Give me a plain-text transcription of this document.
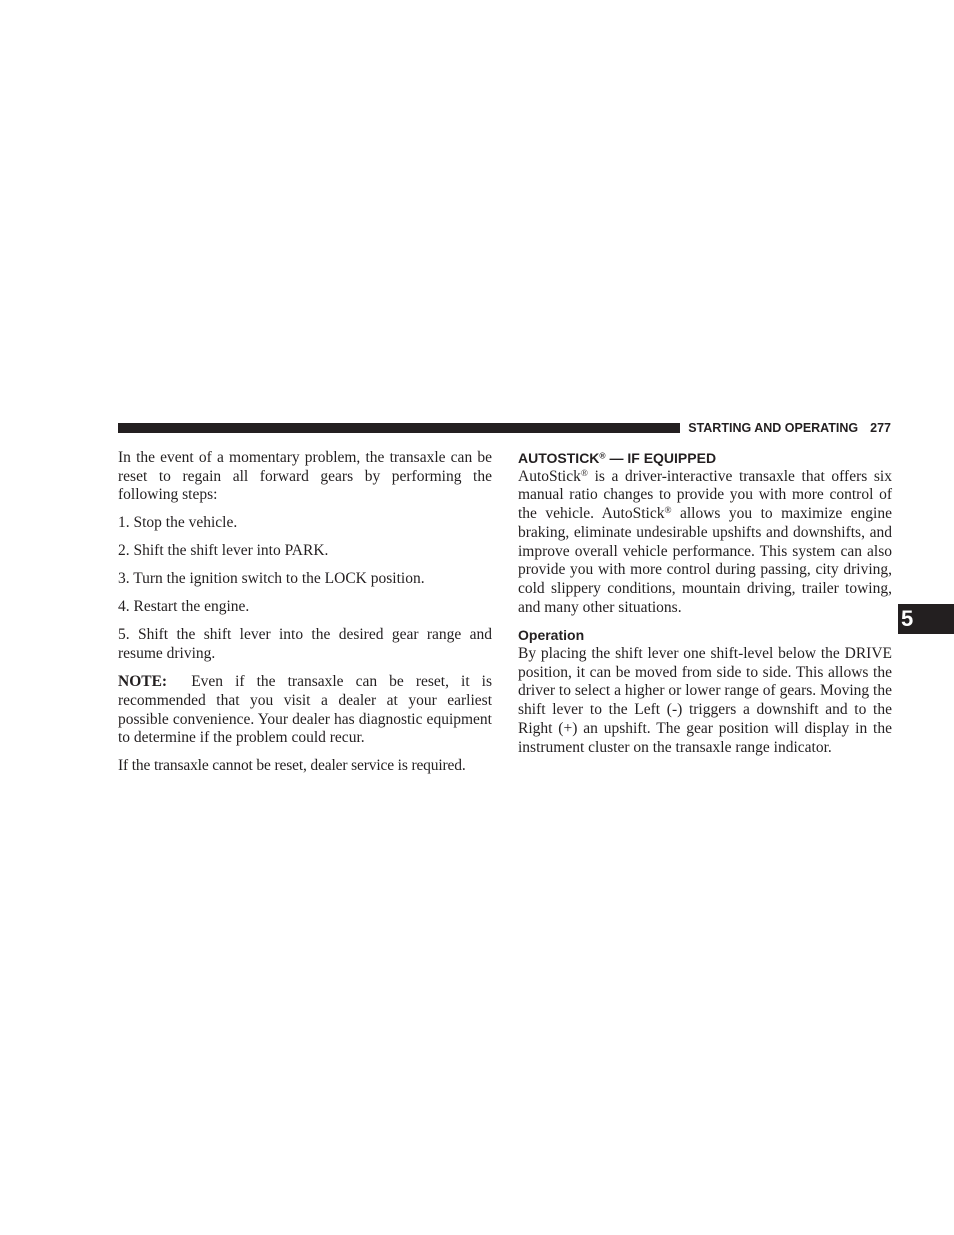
STARTING AND OPERATING 277
5

In the event of a momentary problem, the transaxle can be reset to regain all forward gears by performing the following steps:

1. Stop the vehicle.

2. Shift the shift lever into PARK.

3. Turn the ignition switch to the LOCK position.

4. Restart the engine.

5. Shift the shift lever into the desired gear range and resume driving.

NOTE: Even if the transaxle can be reset, it is recommended that you visit a dealer at your earliest possible convenience. Your dealer has diagnostic equipment to determine if the problem could recur.

If the transaxle cannot be reset, dealer service is required.

AUTOSTICK® — IF EQUIPPED

AutoStick® is a driver-interactive transaxle that offers six manual ratio changes to provide you with more control of the vehicle. AutoStick® allows you to maximize engine braking, eliminate undesirable upshifts and downshifts, and improve overall vehicle performance. This system can also provide you with more control during passing, city driving, cold slippery conditions, mountain driving, trailer towing, and many other situations.

Operation

By placing the shift lever one shift-level below the DRIVE position, it can be moved from side to side. This allows the driver to select a higher or lower range of gears. Moving the shift lever to the Left (-) triggers a downshift and to the Right (+) an upshift. The gear position will display in the instrument cluster on the transaxle range indicator.
